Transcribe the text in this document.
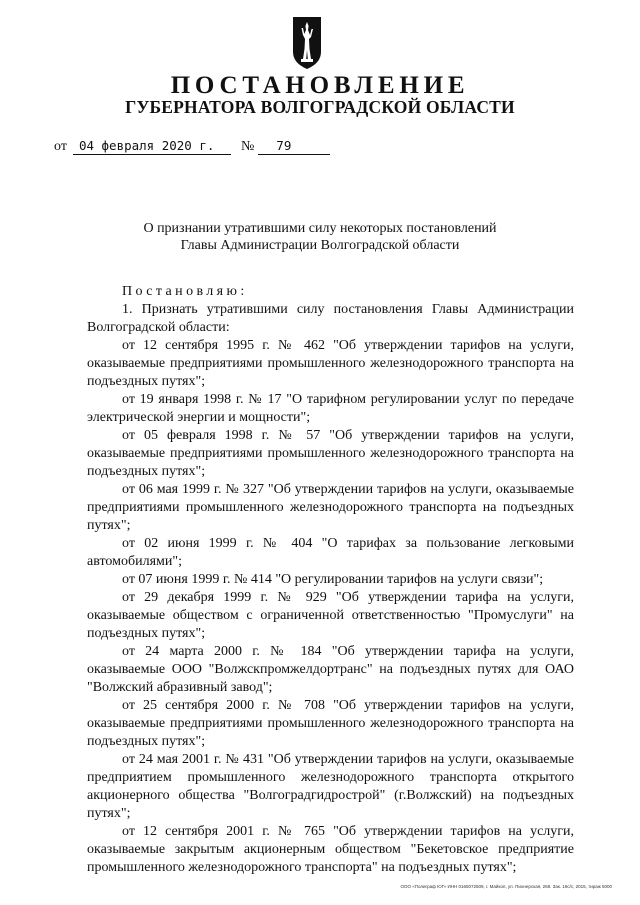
ПОСТАНОВЛЕНИЕ
ГУБЕРНАТОРА ВОЛГОГРАДСКОЙ ОБЛАСТИ
от 04 февраля 2020 г.	№	79
О признании утратившими силу некоторых постановлений
Главы Администрации Волгоградской области

Постановляю:

1. Признать утратившими силу постановления Главы Администрации Волгоградской области:

от 12 сентября 1995 г. № 462 "Об утверждении тарифов на услуги, оказываемые предприятиями промышленного железнодорожного транспорта на подъездных путях";

от 19 января 1998 г. № 17 "О тарифном регулировании услуг по передаче электрической энергии и мощности";

от 05 февраля 1998 г. № 57 "Об утверждении тарифов на услуги, оказываемые предприятиями промышленного железнодорожного транспорта на подъездных путях";

от 06 мая 1999 г. № 327 "Об утверждении тарифов на услуги, оказываемые предприятиями промышленного железнодорожного транспорта на подъездных путях";

от 02 июня 1999 г. № 404 "О тарифах за пользование легковыми автомобилями";

от 07 июня 1999 г. № 414 "О регулировании тарифов на услуги связи";

от 29 декабря 1999 г. № 929 "Об утверждении тарифа на услуги, оказываемые обществом с ограниченной ответственностью "Промуслуги" на подъездных путях";

от 24 марта 2000 г. № 184 "Об утверждении тарифа на услуги, оказываемые ООО "Волжскпромжелдортранс" на подъездных путях для ОАО "Волжский абразивный завод";

от 25 сентября 2000 г. № 708 "Об утверждении тарифов на услуги, оказываемые предприятиями промышленного железнодорожного транспорта на подъездных путях";

от 24 мая 2001 г. № 431 "Об утверждении тарифов на услуги, оказываемые предприятием промышленного железнодорожного транспорта открытого акционерного общества "Волгоградгидрострой" (г.Волжский) на подъездных путях";

от 12 сентября 2001 г. № 765 "Об утверждении тарифов на услуги, оказываемые закрытым акционерным обществом "Бекетовское предприятие промышленного железнодорожного транспорта" на подъездных путях";

ООО «Полиграф ЮГ» ИНН 0165072509, г. Майкоп, ул. Пионерская, 268. Зак. 19с/с, 2015, тираж 5000
